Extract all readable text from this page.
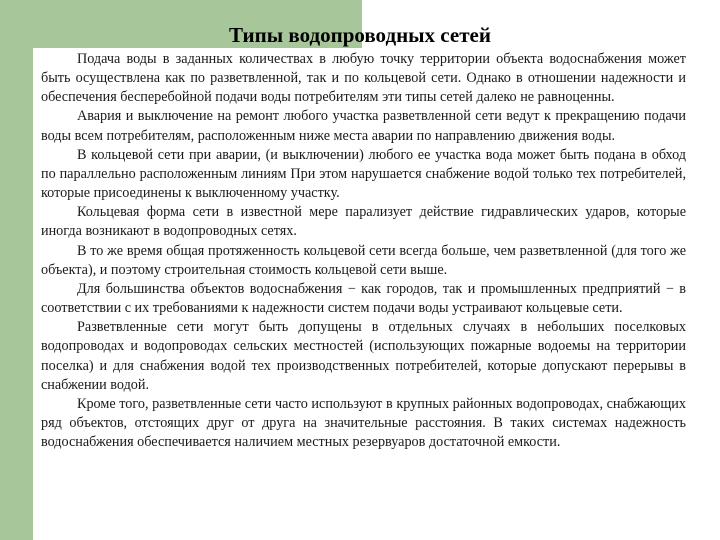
Типы водопроводных сетей

Подача воды в заданных количествах в любую точку территории объекта водоснабжения может быть осуществлена как по разветвленной, так и по кольцевой сети. Однако в отношении надежности и обеспечения бесперебойной подачи воды потребителям эти типы сетей далеко не равноценны.

Авария и выключение на ремонт любого участка разветвленной сети ведут к прекращению подачи воды всем потребителям, расположенным ниже места аварии по направлению движения воды.

В кольцевой сети при аварии, (и выключении) любого ее участка вода может быть подана в обход по параллельно расположенным линиям При этом нарушается снабжение водой только тех потребителей, которые присоединены к выключенному участку.

Кольцевая форма сети в известной мере парализует действие гидравлических ударов, которые иногда возникают в водопроводных сетях.

В то же время общая протяженность кольцевой сети всегда больше, чем разветвленной (для того же объекта), и поэтому строительная стоимость кольцевой сети выше.

Для большинства объектов водоснабжения − как городов, так и промышленных предприятий − в соответствии с их требованиями к надежности систем подачи воды устраивают кольцевые сети.

Разветвленные сети могут быть допущены в отдельных случаях в небольших поселковых водопроводах и водопроводах сельских местностей (использующих пожарные водоемы на территории поселка) и для снабжения водой тех производственных потребителей, которые допускают перерывы в снабжении водой.

Кроме того, разветвленные сети часто используют в крупных районных водопроводах, снабжающих ряд объектов, отстоящих друг от друга на значительные расстояния. В таких системах надежность водоснабжения обеспечивается наличием местных резервуаров достаточной емкости.
